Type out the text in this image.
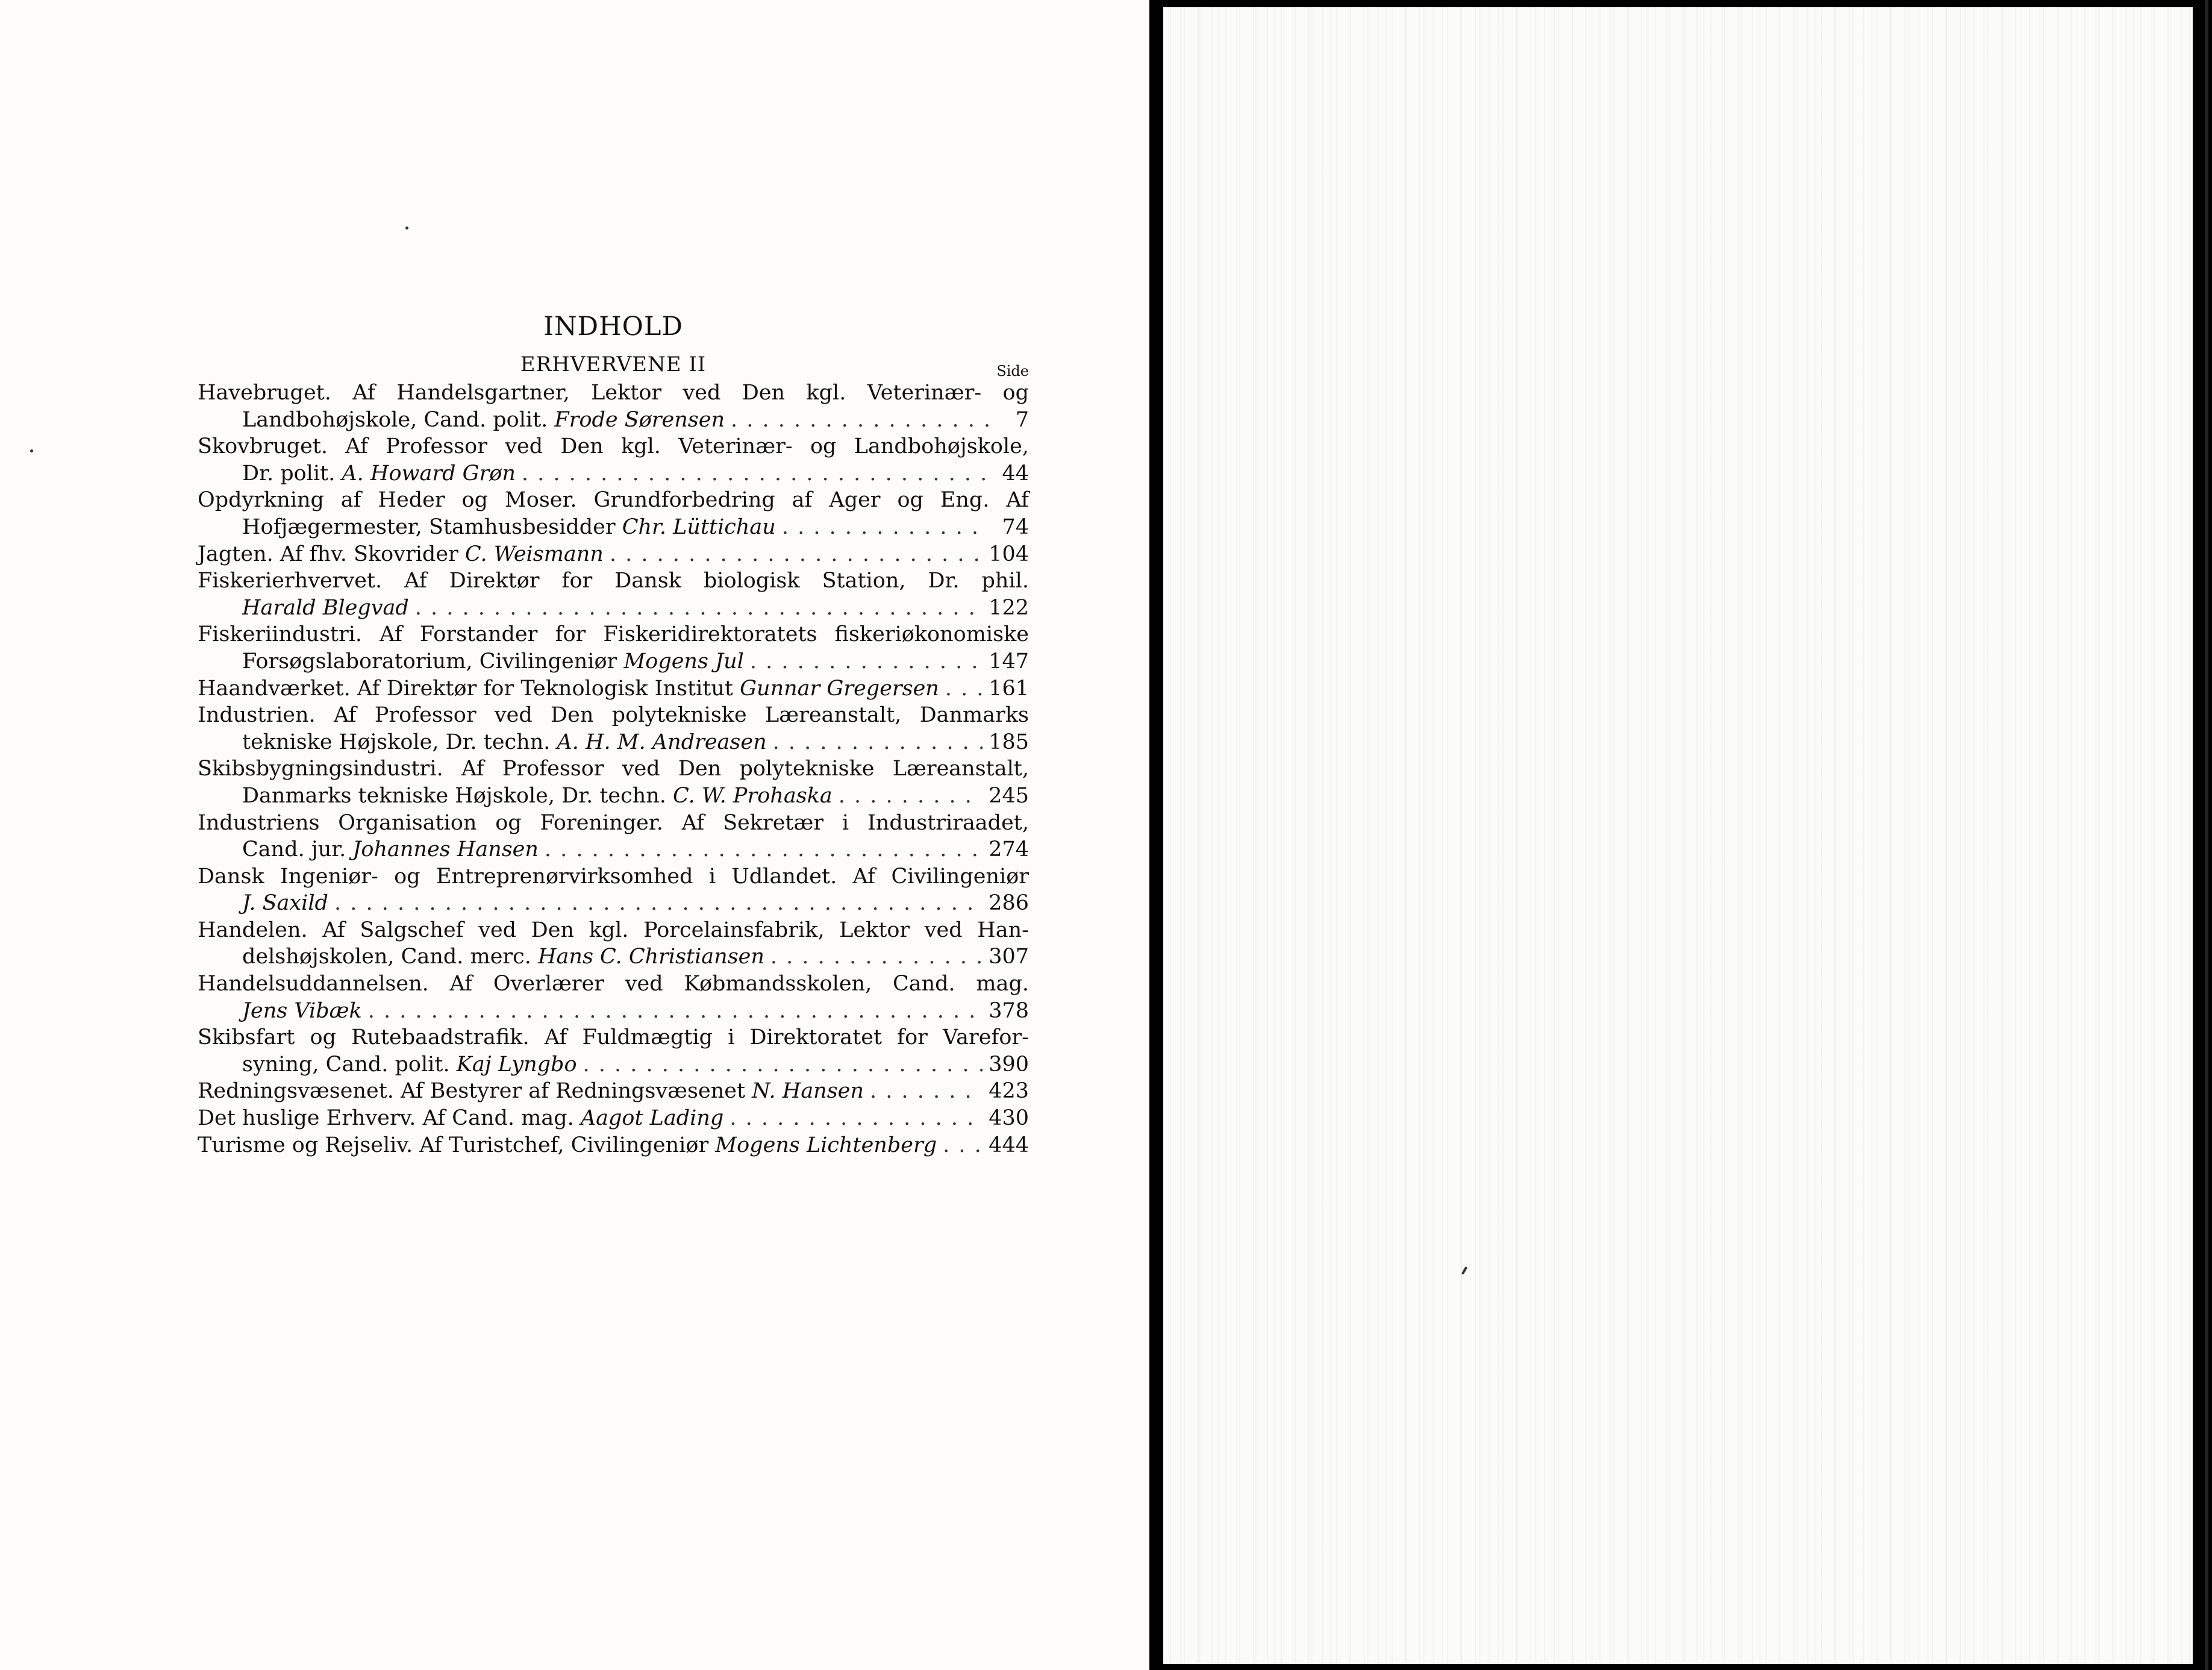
INDHOLD
ERHVERVENE II	Side
Havebruget. Af Handelsgartner, Lektor ved Den kgl. Veterinær- og
Landbohøjskole, Cand. polit. Frode Sørensen . . .	7
Skovbruget. Af Professor ved Den kgl. Veterinær- og Landbohøjskole,
Dr. polit. A. Howard Grøn . . .	44
Opdyrkning af Heder og Moser. Grundforbedring af Ager og Eng. Af
Hofjægermester, Stamhusbesidder Chr. Lüttichau . . .	74
Jagten. Af fhv. Skovrider C. Weismann . . .	104
Fiskerierhvervet. Af Direktør for Dansk biologisk Station, Dr. phil.
Harald Blegvad . . .	122
Fiskeriindustri. Af Forstander for Fiskeridirektoratets fiskeriøkonomiske
Forsøgslaboratorium, Civilingeniør Mogens Jul . . .	147
Haandværket. Af Direktør for Teknologisk Institut Gunnar Gregersen . . . 161
Industrien. Af Professor ved Den polytekniske Læreanstalt, Danmarks
tekniske Højskole, Dr. techn. A. H. M. Andreasen . . .	185
Skibsbygningsindustri. Af Professor ved Den polytekniske Læreanstalt,
Danmarks tekniske Højskole, Dr. techn. C. W. Prohaska . . .	245
Industriens Organisation og Foreninger. Af Sekretær i Industriraadet,
Cand. jur. Johannes Hansen . . .	274
Dansk Ingeniør- og Entreprenørvirksomhed i Udlandet. Af Civilingeniør
J. Saxild . . .	286
Handelen. Af Salgschef ved Den kgl. Porcelainsfabrik, Lektor ved Han-
delshøjskolen, Cand. merc. Hans C. Christiansen . . .	307
Handelsuddannelsen. Af Overlærer ved Købmandsskolen, Cand. mag.
Jens Vibæk . . .	378
Skibsfart og Rutebaadstrafik. Af Fuldmægtig i Direktoratet for Varefor-
syning, Cand. polit. Kaj Lyngbo . . .	390
Redningsvæsenet. Af Bestyrer af Redningsvæsenet N. Hansen . . .	423
Det huslige Erhverv. Af Cand. mag. Aagot Lading . . .	430
Turisme og Rejseliv. Af Turistchef, Civilingeniør Mogens Lichtenberg . . . 444
